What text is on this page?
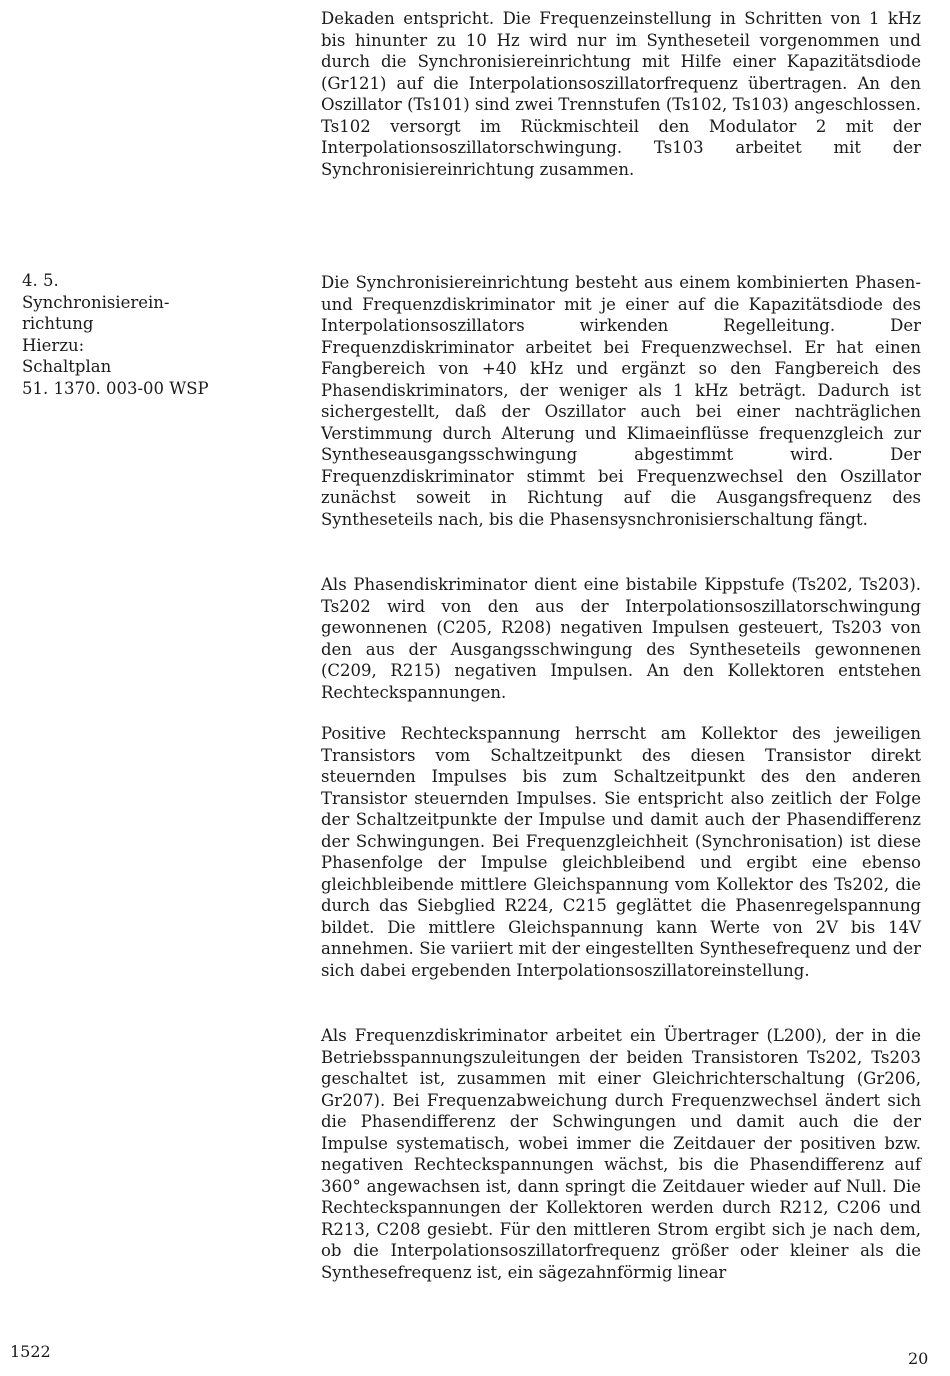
Dekaden entspricht. Die Frequenzeinstellung in Schritten von 1 kHz bis hinunter zu 10 Hz wird nur im Syntheseteil vorgenommen und durch die Synchronisiereinrichtung mit Hilfe einer Kapazitätsdiode (Gr121) auf die Interpolationsoszillatorfrequenz übertragen. An den Oszillator (Ts101) sind zwei Trennstufen (Ts102, Ts103) angeschlossen. Ts102 versorgt im Rückmischteil den Modulator 2 mit der Interpolationsoszillatorschwingung. Ts103 arbeitet mit der Synchronisiereinrichtung zusammen.

4. 5.
Synchronisierein-
richtung
Hierzu:
Schaltplan
51. 1370. 003-00 WSP

Die Synchronisiereinrichtung besteht aus einem kombinierten Phasen- und Frequenzdiskriminator mit je einer auf die Kapazitätsdiode des Interpolationsoszillators wirkenden Regelleitung. Der Frequenzdiskriminator arbeitet bei Frequenzwechsel. Er hat einen Fangbereich von +40 kHz und ergänzt so den Fangbereich des Phasendiskriminators, der weniger als 1 kHz beträgt. Dadurch ist sichergestellt, daß der Oszillator auch bei einer nachträglichen Verstimmung durch Alterung und Klimaeinflüsse frequenzgleich zur Syntheseausgangsschwingung abgestimmt wird. Der Frequenzdiskriminator stimmt bei Frequenzwechsel den Oszillator zunächst soweit in Richtung auf die Ausgangsfrequenz des Syntheseteils nach, bis die Phasensysnchronisierschaltung fängt.

Als Phasendiskriminator dient eine bistabile Kippstufe (Ts202, Ts203). Ts202 wird von den aus der Interpolationsoszillatorschwingung gewonnenen (C205, R208) negativen Impulsen gesteuert, Ts203 von den aus der Ausgangsschwingung des Syntheseteils gewonnenen (C209, R215) negativen Impulsen. An den Kollektoren entstehen Rechteckspannungen.

Positive Rechteckspannung herrscht am Kollektor des jeweiligen Transistors vom Schaltzeitpunkt des diesen Transistor direkt steuernden Impulses bis zum Schaltzeitpunkt des den anderen Transistor steuernden Impulses. Sie entspricht also zeitlich der Folge der Schaltzeitpunkte der Impulse und damit auch der Phasendifferenz der Schwingungen. Bei Frequenzgleichheit (Synchronisation) ist diese Phasenfolge der Impulse gleichbleibend und ergibt eine ebenso gleichbleibende mittlere Gleichspannung vom Kollektor des Ts202, die durch das Siebglied R224, C215 geglättet die Phasenregelspannung bildet. Die mittlere Gleichspannung kann Werte von 2V bis 14V annehmen. Sie variiert mit der eingestellten Synthesefrequenz und der sich dabei ergebenden Interpolationsoszillatoreinstellung.

Als Frequenzdiskriminator arbeitet ein Übertrager (L200), der in die Betriebsspannungszuleitungen der beiden Transistoren Ts202, Ts203 geschaltet ist, zusammen mit einer Gleichrichterschaltung (Gr206, Gr207). Bei Frequenzabweichung durch Frequenzwechsel ändert sich die Phasendifferenz der Schwingungen und damit auch die der Impulse systematisch, wobei immer die Zeitdauer der positiven bzw. negativen Rechteckspannungen wächst, bis die Phasendifferenz auf 360° angewachsen ist, dann springt die Zeitdauer wieder auf Null. Die Rechteckspannungen der Kollektoren werden durch R212, C206 und R213, C208 gesiebt. Für den mittleren Strom ergibt sich je nach dem, ob die Interpolationsoszillatorfrequenz größer oder kleiner als die Synthesefrequenz ist, ein sägezahnförmig linear

1522	20
